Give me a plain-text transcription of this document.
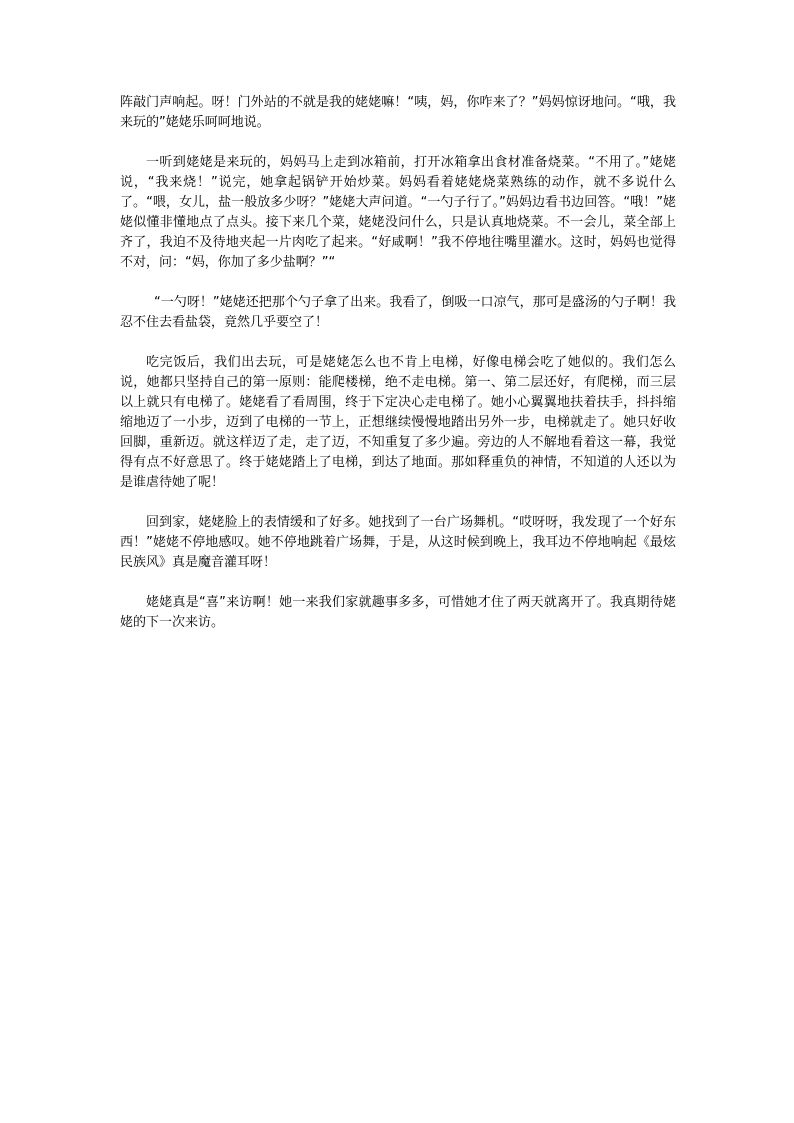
阵敲门声响起。呀！门外站的不就是我的姥姥嘛！“咦，妈，你咋来了？”妈妈惊讶地问。“哦，我来玩的”姥姥乐呵呵地说。

一听到姥姥是来玩的，妈妈马上走到冰箱前，打开冰箱拿出食材准备烧菜。“不用了。”姥姥说，“我来烧！”说完，她拿起锅铲开始炒菜。妈妈看着姥姥烧菜熟练的动作，就不多说什么了。“喂，女儿，盐一般放多少呀？”姥姥大声问道。“一勺子行了。”妈妈边看书边回答。“哦！”姥姥似懂非懂地点了点头。接下来几个菜，姥姥没问什么，只是认真地烧菜。不一会儿，菜全部上齐了，我迫不及待地夹起一片肉吃了起来。“好咸啊！”我不停地往嘴里灌水。这时，妈妈也觉得不对，问：“妈，你加了多少盐啊？”“

“一勺呀！”姥姥还把那个勺子拿了出来。我看了，倒吸一口凉气，那可是盛汤的勺子啊！我忍不住去看盐袋，竟然几乎要空了！

吃完饭后，我们出去玩，可是姥姥怎么也不肯上电梯，好像电梯会吃了她似的。我们怎么说，她都只坚持自己的第一原则：能爬楼梯，绝不走电梯。第一、第二层还好，有爬梯，而三层以上就只有电梯了。姥姥看了看周围，终于下定决心走电梯了。她小心翼翼地扶着扶手，抖抖缩缩地迈了一小步，迈到了电梯的一节上，正想继续慢慢地踏出另外一步，电梯就走了。她只好收回脚，重新迈。就这样迈了走，走了迈，不知重复了多少遍。旁边的人不解地看着这一幕，我觉得有点不好意思了。终于姥姥踏上了电梯，到达了地面。那如释重负的神情，不知道的人还以为是谁虐待她了呢！

回到家，姥姥脸上的表情缓和了好多。她找到了一台广场舞机。“哎呀呀，我发现了一个好东西！”姥姥不停地感叹。她不停地跳着广场舞，于是，从这时候到晚上，我耳边不停地响起《最炫民族风》真是魔音灌耳呀！

姥姥真是“喜”来访啊！她一来我们家就趣事多多，可惜她才住了两天就离开了。我真期待姥姥的下一次来访。
